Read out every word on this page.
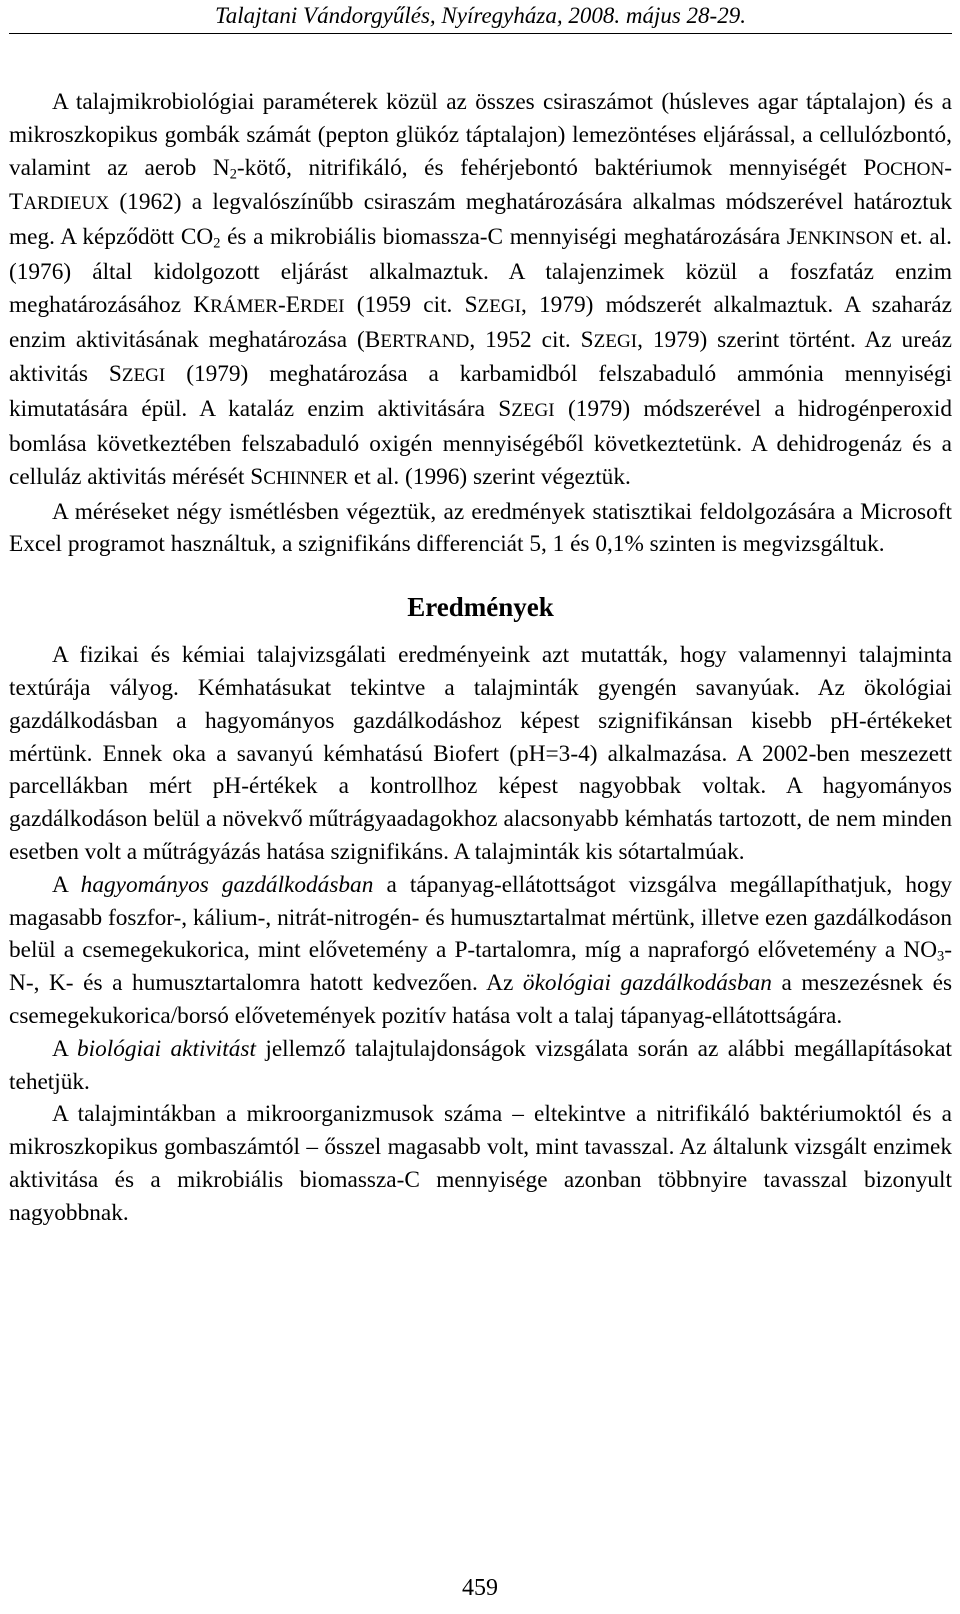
Talajtani Vándorgyűlés, Nyíregyháza, 2008. május 28-29.

A talajmikrobiológiai paraméterek közül az összes csiraszámot (húsleves agar táptalajon) és a mikroszkopikus gombák számát (pepton glükóz táptalajon) lemezöntéses eljárással, a cellulózbontó, valamint az aerob $N_2$-kötő, nitrifikáló, és fehérjebontó baktériumok mennyiségét POCHON-TARDIEUX (1962) a legvalószínűbb csiraszám meghatározására alkalmas módszerével határoztuk meg. A képződött $CO_2$ és a mikrobiális biomassza-C mennyiségi meghatározására JENKINSON et. al. (1976) által kidolgozott eljárást alkalmaztuk. A talajenzimek közül a foszfatáz enzim meghatározásához KRÁMER-ERDEI (1959 cit. SZEGI, 1979) módszerét alkalmaztuk. A szaharáz enzim aktivitásának meghatározása (BERTRAND, 1952 cit. SZEGI, 1979) szerint történt. Az ureáz aktivitás SZEGI (1979) meghatározása a karbamidból felszabaduló ammónia mennyiségi kimutatására épül. A kataláz enzim aktivitására SZEGI (1979) módszerével a hidrogénperoxid bomlása következtében felszabaduló oxigén mennyiségéből következtetünk. A dehidrogenáz és a celluláz aktivitás mérését SCHINNER et al. (1996) szerint végeztük.

A méréseket négy ismétlésben végeztük, az eredmények statisztikai feldolgozására a Microsoft Excel programot használtuk, a szignifikáns differenciát 5, 1 és 0,1% szinten is megvizsgáltuk.

Eredmények

A fizikai és kémiai talajvizsgálati eredményeink azt mutatták, hogy valamennyi talajminta textúrája vályog. Kémhatásukat tekintve a talajminták gyengén savanyúak. Az ökológiai gazdálkodásban a hagyományos gazdálkodáshoz képest szignifikánsan kisebb pH-értékeket mértünk. Ennek oka a savanyú kémhatású Biofert (pH=3-4) alkalmazása. A 2002-ben meszezett parcellákban mért pH-értékek a kontrollhoz képest nagyobbak voltak. A hagyományos gazdálkodáson belül a növekvő műtrágyaadagokhoz alacsonyabb kémhatás tartozott, de nem minden esetben volt a műtrágyázás hatása szignifikáns. A talajminták kis sótartalmúak.

A hagyományos gazdálkodásban a tápanyag-ellátottságot vizsgálva megállapíthatjuk, hogy magasabb foszfor-, kálium-, nitrát-nitrogén- és humusztartalmat mértünk, illetve ezen gazdálkodáson belül a csemegekukorica, mint elővetemény a P-tartalomra, míg a napraforgó elővetemény a $NO_3-N-$, K- és a humusztartalomra hatott kedvezően. Az ökológiai gazdálkodásban a meszezésnek és csemegekukorica/borsó elővetemények pozitív hatása volt a talaj tápanyag-ellátottságára.

A biológiai aktivitást jellemző talajtulajdonságok vizsgálata során az alábbi megállapításokat tehetjük.

A talajmintákban a mikroorganizmusok száma – eltekintve a nitrifikáló baktériumoktól és a mikroszkopikus gombaszámtól – ősszel magasabb volt, mint tavasszal. Az általunk vizsgált enzimek aktivitása és a mikrobiális biomassza-C mennyisége azonban többnyire tavasszal bizonyult nagyobbnak.

459
